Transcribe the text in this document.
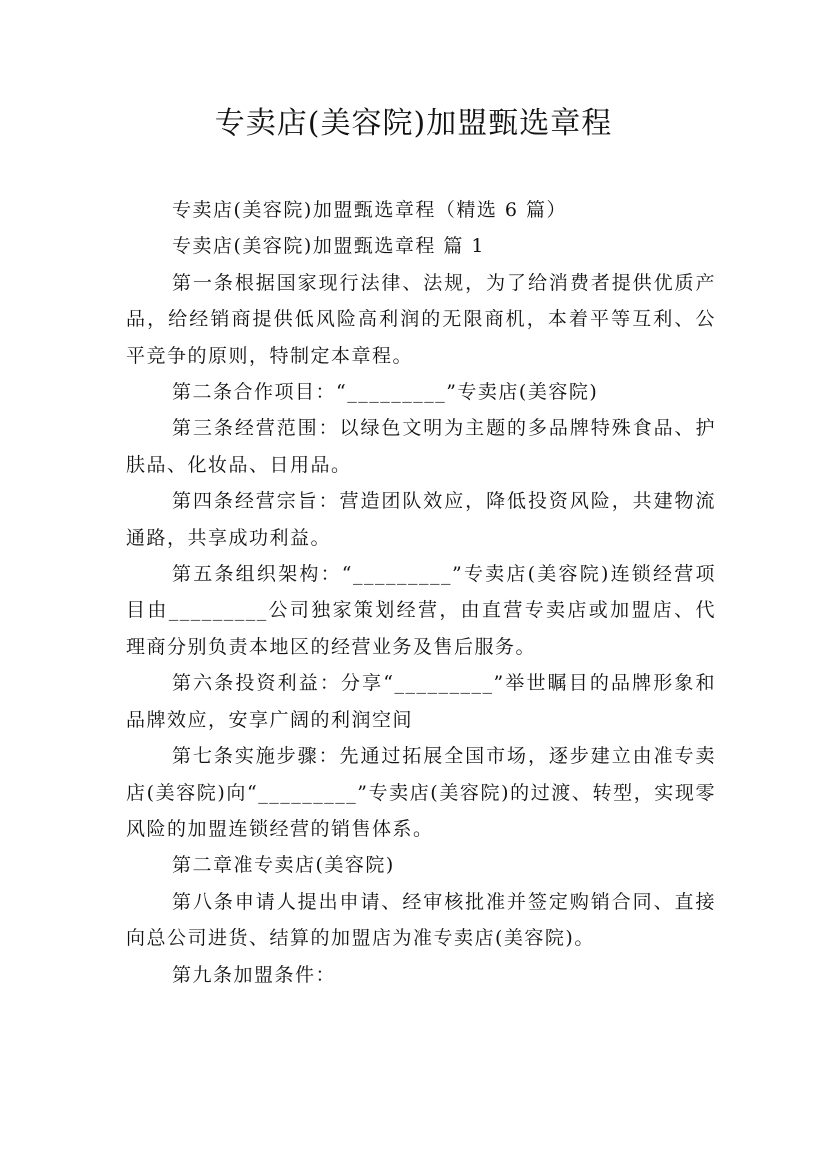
专卖店(美容院)加盟甄选章程

专卖店(美容院)加盟甄选章程（精选 6 篇）

专卖店(美容院)加盟甄选章程 篇 1

第一条根据国家现行法律、法规，为了给消费者提供优质产品，给经销商提供低风险高利润的无限商机，本着平等互利、公平竞争的原则，特制定本章程。

第二条合作项目：“_________”专卖店(美容院)

第三条经营范围：以绿色文明为主题的多品牌特殊食品、护肤品、化妆品、日用品。

第四条经营宗旨：营造团队效应，降低投资风险，共建物流通路，共享成功利益。

第五条组织架构：“_________”专卖店(美容院)连锁经营项目由_________公司独家策划经营，由直营专卖店或加盟店、代理商分别负责本地区的经营业务及售后服务。

第六条投资利益：分享“_________”举世瞩目的品牌形象和品牌效应，安享广阔的利润空间

第七条实施步骤：先通过拓展全国市场，逐步建立由准专卖店(美容院)向“_________”专卖店(美容院)的过渡、转型，实现零风险的加盟连锁经营的销售体系。

第二章准专卖店(美容院)

第八条申请人提出申请、经审核批准并签定购销合同、直接向总公司进货、结算的加盟店为准专卖店(美容院)。

第九条加盟条件：
